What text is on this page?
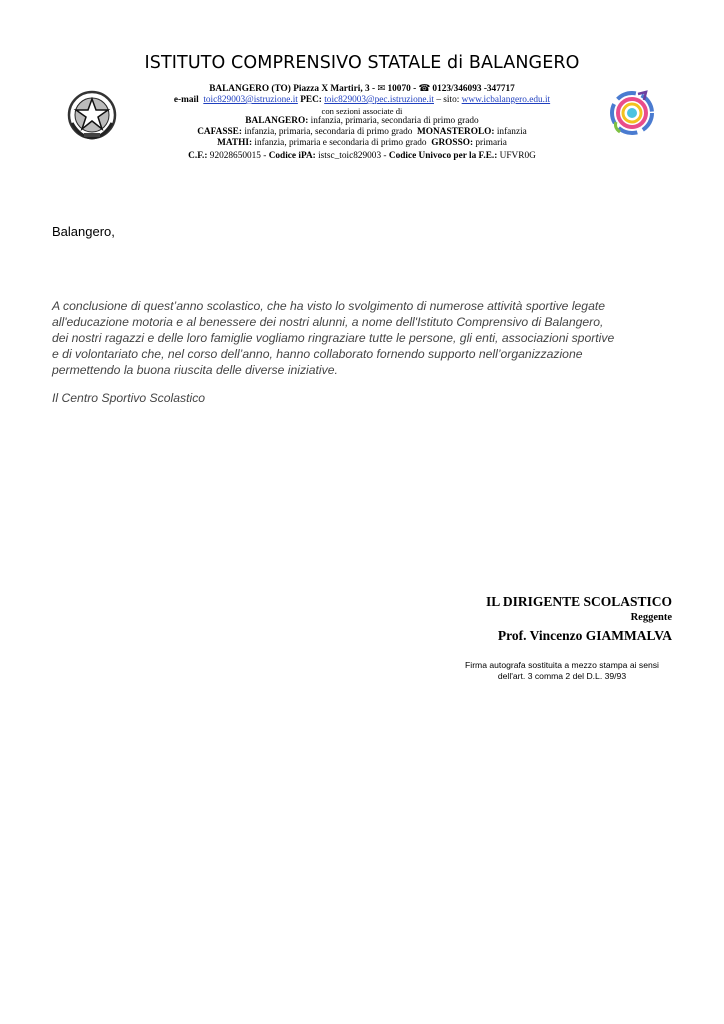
ISTITUTO COMPRENSIVO STATALE di BALANGERO
BALANGERO (TO) Piazza X Martiri, 3 - ✉ 10070 - ☎ 0123/346093 -347717
e-mail toic829003@istruzione.it PEC: toic829003@pec.istruzione.it – sito: www.icbalangero.edu.it
con sezioni associate di
BALANGERO: infanzia, primaria, secondaria di primo grado
CAFASSE: infanzia, primaria, secondaria di primo grado MONASTEROLO: infanzia
MATHI: infanzia, primaria e secondaria di primo grado GROSSO: primaria
C.F.: 92028650015 - Codice iPA: istsc_toic829003 - Codice Univoco per la F.E.: UFVR0G
Balangero,
A conclusione di quest’anno scolastico, che ha visto lo svolgimento di numerose attività sportive legate
all'educazione motoria e al benessere dei nostri alunni, a nome dell'Istituto Comprensivo di Balangero,
dei nostri ragazzi e delle loro famiglie vogliamo ringraziare tutte le persone, gli enti, associazioni sportive
e di volontariato che, nel corso dell’anno, hanno collaborato fornendo supporto nell’organizzazione
permettendo la buona riuscita delle diverse iniziative.
Il Centro Sportivo Scolastico
IL DIRIGENTE SCOLASTICO
Reggente
Prof. Vincenzo GIAMMALVA
Firma autografa sostituita a mezzo stampa ai sensi
dell'art. 3 comma 2 del D.L. 39/93
